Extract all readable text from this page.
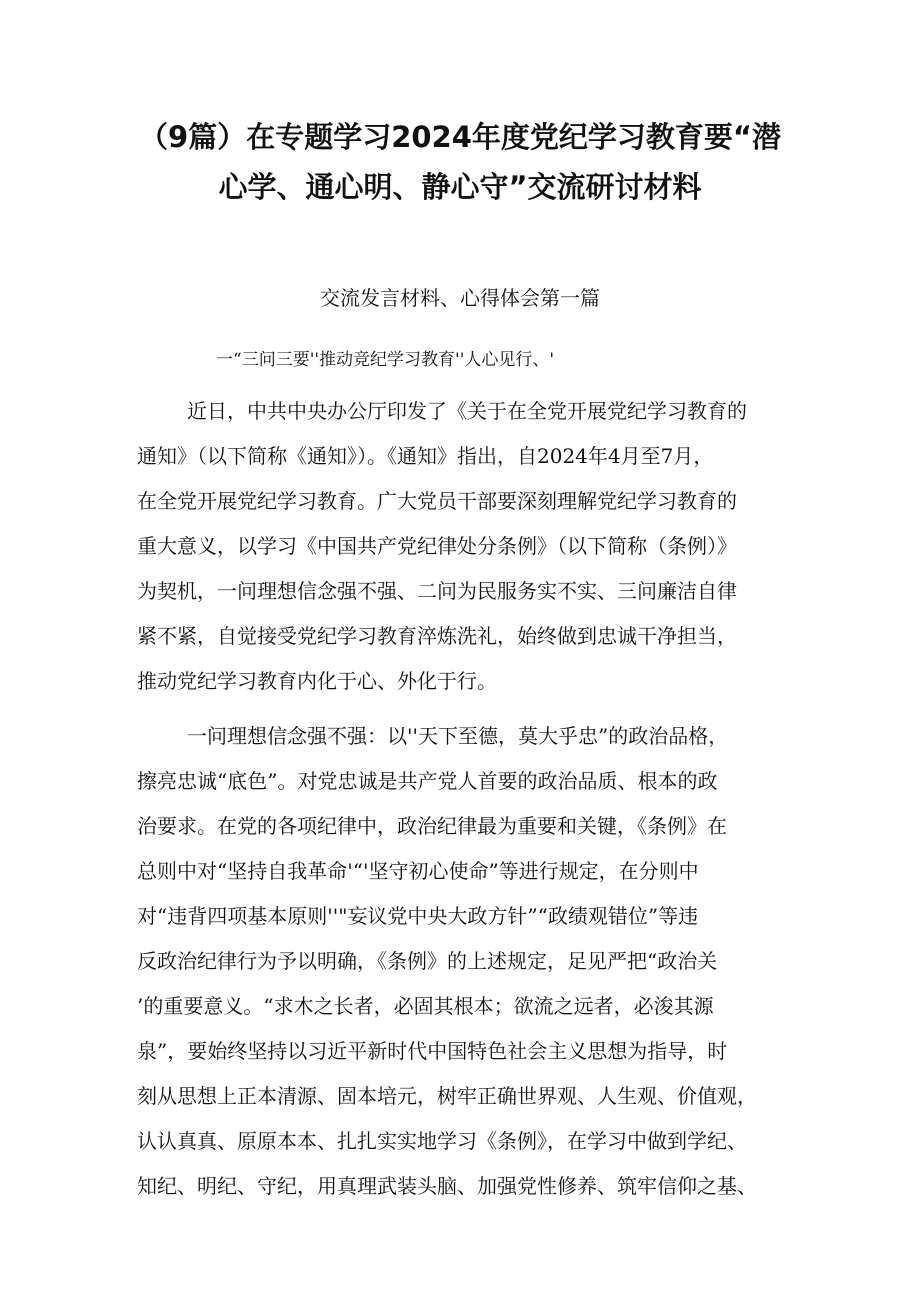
（9篇）在专题学习2024年度党纪学习教育要“潜
心学、通心明、静心守”交流研讨材料
交流发言材料、心得体会第一篇
一“三问三要''推动竞纪学习教育''人心见行、'
近日，中共中央办公厅印发了《关于在全党开展党纪学习教育的
通知》（以下简称《通知》）。《通知》指出，自2024年4月至7月，
在全党开展党纪学习教育。广大党员干部要深刻理解党纪学习教育的
重大意义，以学习《中国共产党纪律处分条例》（以下简称（条例）》
为契机，一问理想信念强不强、二问为民服务实不实、三问廉洁自律
紧不紧，自觉接受党纪学习教育淬炼洗礼，始终做到忠诚干净担当，
推动党纪学习教育内化于心、外化于行。
一问理想信念强不强：以''天下至德，莫大乎忠”的政治品格，
擦亮忠诚“底色”。对党忠诚是共产党人首要的政治品质、根本的政
治要求。在党的各项纪律中，政治纪律最为重要和关键，《条例》在
总则中对“坚持自我革命'“'坚守初心使命”等进行规定，在分则中
对“违背四项基本原则''"妄议党中央大政方针”“政绩观错位”等违
反政治纪律行为予以明确，《条例》的上述规定，足见严把“政治关
’的重要意义。“求木之长者，必固其根本；欲流之远者，必浚其源
泉”，要始终坚持以习近平新时代中国特色社会主义思想为指导，时
刻从思想上正本清源、固本培元，树牢正确世界观、人生观、价值观，
认认真真、原原本本、扎扎实实地学习《条例》，在学习中做到学纪、
知纪、明纪、守纪，用真理武装头脑、加强党性修养、筑牢信仰之基、
